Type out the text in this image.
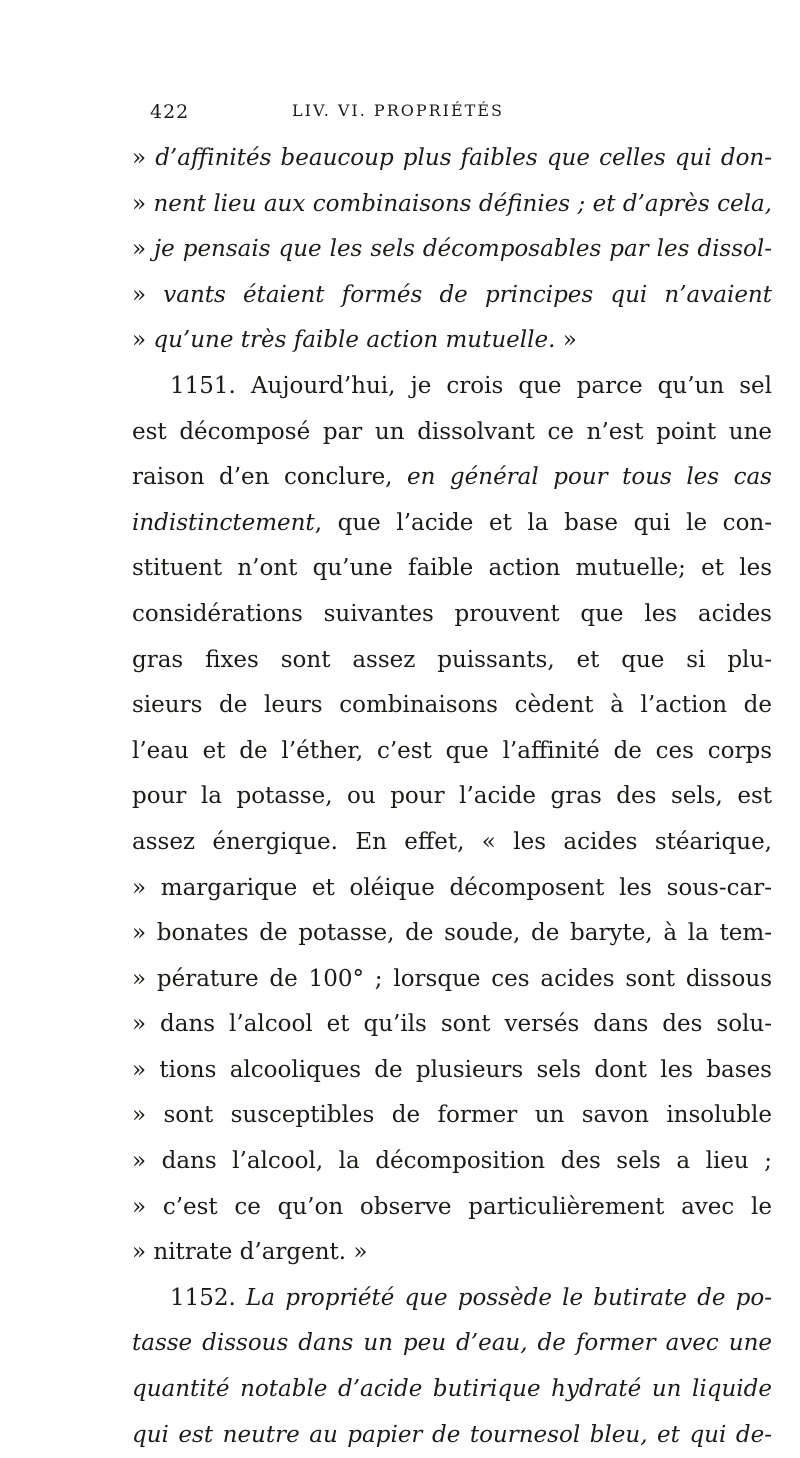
422	LIV. VI. PROPRIÉTÉS
» d’affinités beaucoup plus faibles que celles qui don-
» nent lieu aux combinaisons définies ; et d’après cela,
» je pensais que les sels décomposables par les dissol-
» vants étaient formés de principes qui n’avaient
» qu’une très faible action mutuelle. »
1151. Aujourd’hui, je crois que parce qu’un sel
est décomposé par un dissolvant ce n’est point une
raison d’en conclure, en général pour tous les cas
indistinctement, que l’acide et la base qui le con-
stituent n’ont qu’une faible action mutuelle; et les
considérations suivantes prouvent que les acides
gras fixes sont assez puissants, et que si plu-
sieurs de leurs combinaisons cèdent à l’action de
l’eau et de l’éther, c’est que l’affinité de ces corps
pour la potasse, ou pour l’acide gras des sels, est
assez énergique. En effet, « les acides stéarique,
» margarique et oléique décomposent les sous-car-
» bonates de potasse, de soude, de baryte, à la tem-
» pérature de 100° ; lorsque ces acides sont dissous
» dans l’alcool et qu’ils sont versés dans des solu-
» tions alcooliques de plusieurs sels dont les bases
» sont susceptibles de former un savon insoluble
» dans l’alcool, la décomposition des sels a lieu ;
» c’est ce qu’on observe particulièrement avec le
» nitrate d’argent. »
1152. La propriété que possède le butirate de po-
tasse dissous dans un peu d’eau, de former avec une
quantité notable d’acide butirique hydraté un liquide
qui est neutre au papier de tournesol bleu, et qui de-
